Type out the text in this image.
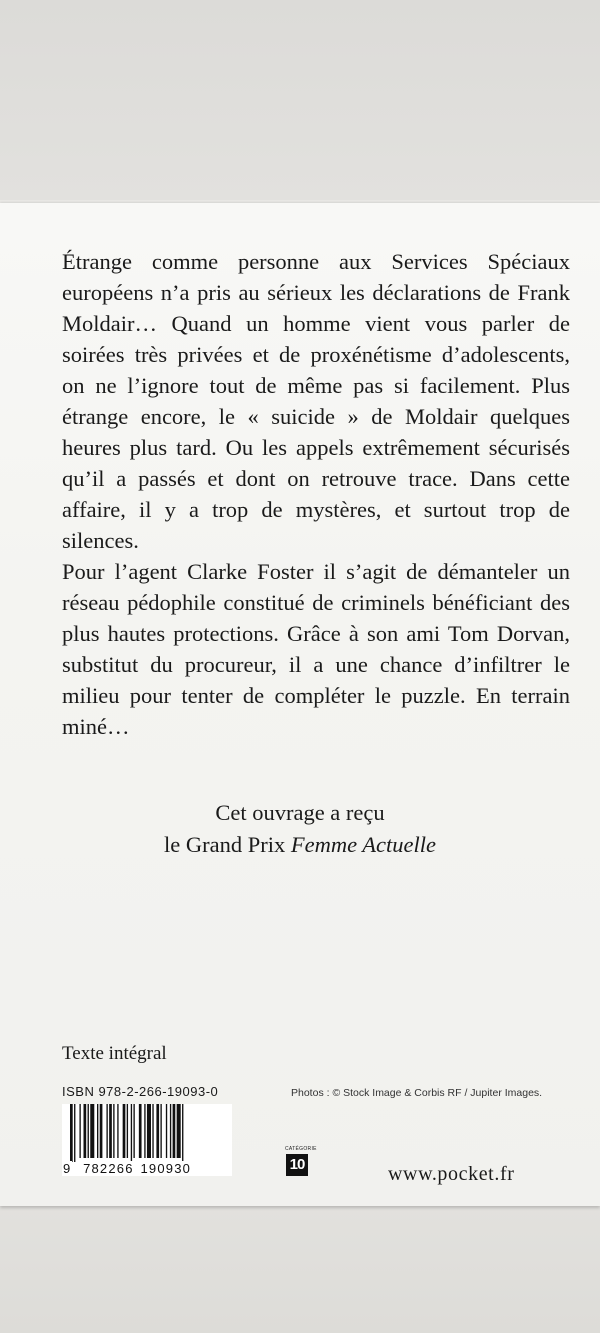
Étrange comme personne aux Services Spéciaux européens n’a pris au sérieux les déclarations de Frank Moldair… Quand un homme vient vous parler de soirées très privées et de proxénétisme d’adolescents, on ne l’ignore tout de même pas si facilement. Plus étrange encore, le « suicide » de Moldair quelques heures plus tard. Ou les appels extrêmement sécurisés qu’il a passés et dont on retrouve trace. Dans cette affaire, il y a trop de mystères, et surtout trop de silences.

Pour l’agent Clarke Foster il s’agit de démanteler un réseau pédophile constitué de criminels bénéficiant des plus hautes protections. Grâce à son ami Tom Dorvan, substitut du procureur, il a une chance d’infiltrer le milieu pour tenter de compléter le puzzle. En terrain miné…

Cet ouvrage a reçu
le Grand Prix Femme Actuelle
Texte intégral
ISBN 978-2-266-19093-0	Photos : © Stock Image & Corbis RF / Jupiter Images.
9 782266 190930
CATÉGORIE
10	www.pocket.fr
